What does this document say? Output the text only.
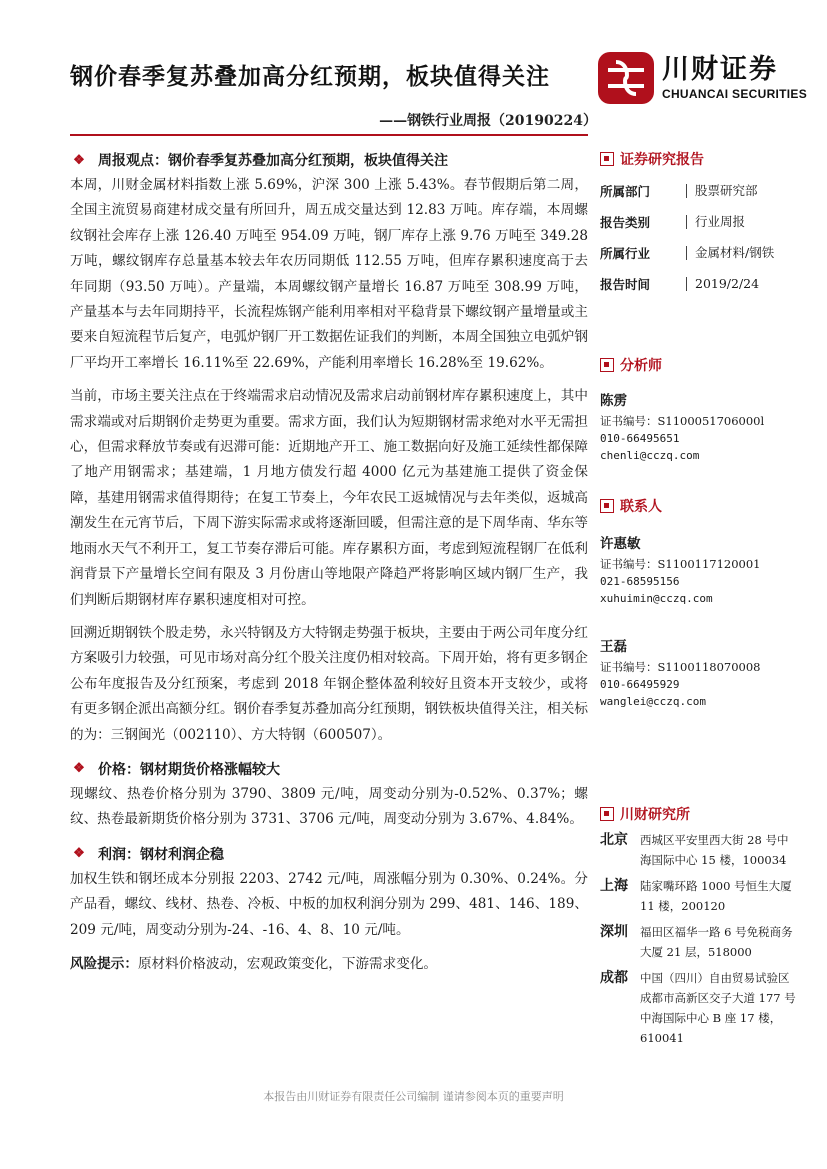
钢价春季复苏叠加高分红预期，板块值得关注
——钢铁行业周报（20190224）
川财证券
CHUANCAI SECURITIES
❖ 周报观点：钢价春季复苏叠加高分红预期，板块值得关注

本周，川财金属材料指数上涨 5.69%，沪深 300 上涨 5.43%。春节假期后第二周，全国主流贸易商建材成交量有所回升，周五成交量达到 12.83 万吨。库存端，本周螺纹钢社会库存上涨 126.40 万吨至 954.09 万吨，钢厂库存上涨 9.76 万吨至 349.28 万吨，螺纹钢库存总量基本较去年农历同期低 112.55 万吨，但库存累积速度高于去年同期（93.50 万吨）。产量端，本周螺纹钢产量增长 16.87 万吨至 308.99 万吨，产量基本与去年同期持平，长流程炼钢产能利用率相对平稳背景下螺纹钢产量增量或主要来自短流程节后复产，电弧炉钢厂开工数据佐证我们的判断，本周全国独立电弧炉钢厂平均开工率增长 16.11%至 22.69%，产能利用率增长 16.28%至 19.62%。

当前，市场主要关注点在于终端需求启动情况及需求启动前钢材库存累积速度上，其中需求端或对后期钢价走势更为重要。需求方面，我们认为短期钢材需求绝对水平无需担心，但需求释放节奏或有迟滞可能：近期地产开工、施工数据向好及施工延续性都保障了地产用钢需求；基建端，1 月地方债发行超 4000 亿元为基建施工提供了资金保障，基建用钢需求值得期待；在复工节奏上，今年农民工返城情况与去年类似，返城高潮发生在元宵节后，下周下游实际需求或将逐渐回暖，但需注意的是下周华南、华东等地雨水天气不利开工，复工节奏存滞后可能。库存累积方面，考虑到短流程钢厂在低利润背景下产量增长空间有限及 3 月份唐山等地限产降趋严将影响区域内钢厂生产，我们判断后期钢材库存累积速度相对可控。

回溯近期钢铁个股走势，永兴特钢及方大特钢走势强于板块，主要由于两公司年度分红方案吸引力较强，可见市场对高分红个股关注度仍相对较高。下周开始，将有更多钢企公布年度报告及分红预案，考虑到 2018 年钢企整体盈利较好且资本开支较少，或将有更多钢企派出高额分红。钢价春季复苏叠加高分红预期，钢铁板块值得关注，相关标的为：三钢闽光（002110）、方大特钢（600507）。

❖ 价格：钢材期货价格涨幅较大

现螺纹、热卷价格分别为 3790、3809 元/吨，周变动分别为-0.52%、0.37%；螺纹、热卷最新期货价格分别为 3731、3706 元/吨，周变动分别为 3.67%、4.84%。

❖ 利润：钢材利润企稳

加权生铁和钢坯成本分别报 2203、2742 元/吨，周涨幅分别为 0.30%、0.24%。分产品看，螺纹、线材、热卷、冷板、中板的加权利润分别为 299、481、146、189、209 元/吨，周变动分别为-24、-16、4、8、10 元/吨。

风险提示：原材料价格波动，宏观政策变化，下游需求变化。
证券研究报告
所属部门	股票研究部
报告类别	行业周报
所属行业	金属材料/钢铁
报告时间	2019/2/24
分析师
陈雳
证书编号：S1100051706000l
010-66495651
chenli@cczq.com
联系人
许惠敏
证书编号：S1100117120001
021-68595156
xuhuimin@cczq.com
王磊
证书编号：S1100118070008
010-66495929
wanglei@cczq.com
川财研究所
北京	西城区平安里西大街 28 号中海国际中心 15 楼，100034
上海	陆家嘴环路 1000 号恒生大厦 11 楼，200120
深圳	福田区福华一路 6 号免税商务大厦 21 层，518000
成都	中国（四川）自由贸易试验区成都市高新区交子大道 177 号中海国际中心 B 座 17 楼，610041
本报告由川财证券有限责任公司编制 谨请参阅本页的重要声明
